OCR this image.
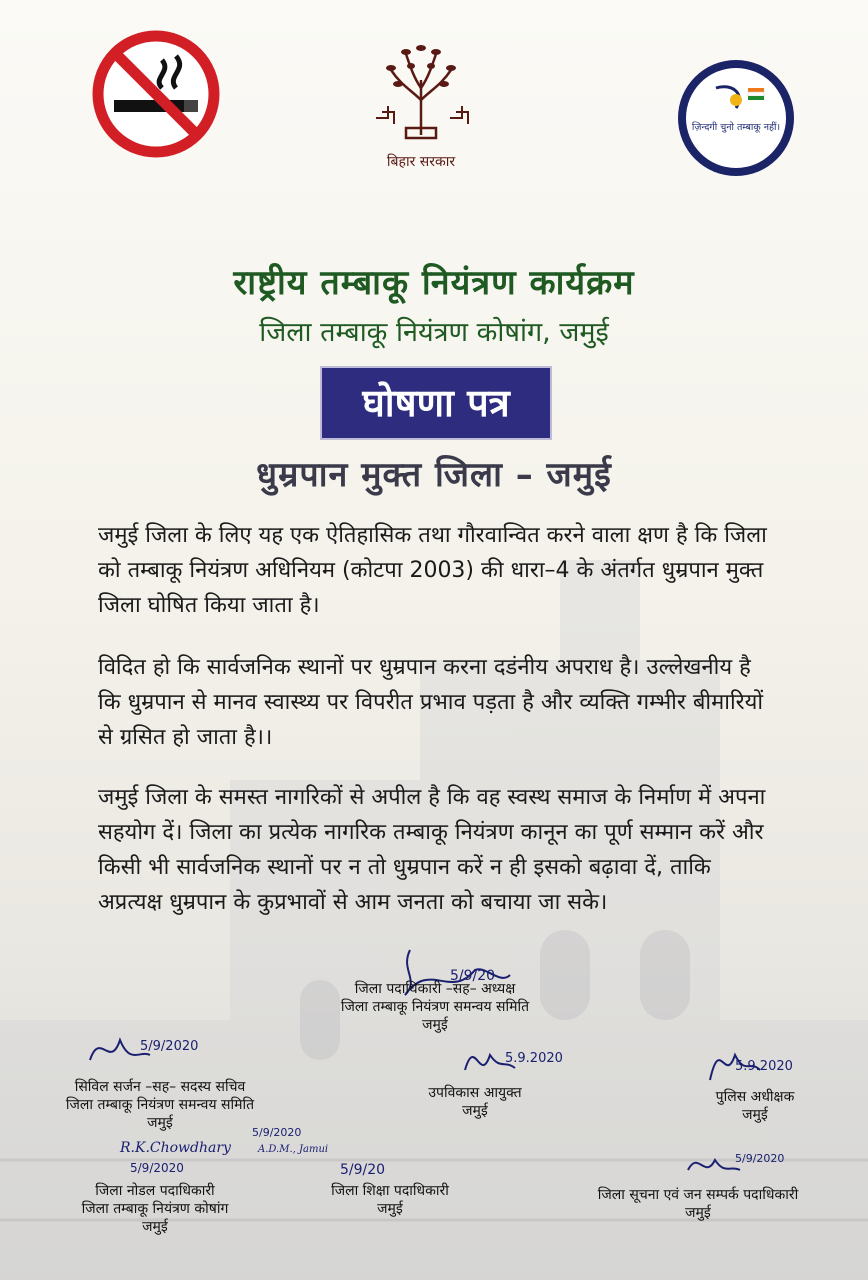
बिहार सरकार
ज़िन्दगी चुनो तम्बाकू नहीं।
राष्ट्रीय तम्बाकू नियंत्रण कार्यक्रम
जिला तम्बाकू नियंत्रण कोषांग, जमुई
घोषणा पत्र
धुम्रपान मुक्त जिला – जमुई
जमुई जिला के लिए यह एक ऐतिहासिक तथा गौरवान्वित करने वाला क्षण है कि जिला को तम्बाकू नियंत्रण अधिनियम (कोटपा 2003) की धारा–4 के अंतर्गत धुम्रपान मुक्त जिला घोषित किया जाता है।
विदित हो कि सार्वजनिक स्थानों पर धुम्रपान करना दडंनीय अपराध है। उल्लेखनीय है कि धुम्रपान से मानव स्वास्थ्य पर विपरीत प्रभाव पड़ता है और व्यक्ति गम्भीर बीमारियों से ग्रसित हो जाता है।।
जमुई जिला के समस्त नागरिकों से अपील है कि वह स्वस्थ समाज के निर्माण में अपना सहयोग दें। जिला का प्रत्येक नागरिक तम्बाकू नियंत्रण कानून का पूर्ण सम्मान करें और किसी भी सार्वजनिक स्थानों पर न तो धुम्रपान करें न ही इसको बढ़ावा दें, ताकि अप्रत्यक्ष धुम्रपान के कुप्रभावों से आम जनता को बचाया जा सके।
5/9/20
5/9/2020
5.9.2020
5.9.2020
R.K.Chowdhary
5/9/2020
5/9/2020
A.D.M., Jamui
5/9/20
5/9/2020
जिला पदाधिकारी –सह– अध्यक्ष
जिला तम्बाकू नियंत्रण समन्वय समिति
जमुई
सिविल सर्जन –सह– सदस्य सचिव
जिला तम्बाकू नियंत्रण समन्वय समिति
जमुई
उपविकास आयुक्त
जमुई
पुलिस अधीक्षक
जमुई
जिला नोडल पदाधिकारी
जिला तम्बाकू नियंत्रण कोषांग
जमुई
जिला शिक्षा पदाधिकारी
जमुई
जिला सूचना एवं जन सम्पर्क पदाधिकारी
जमुई
